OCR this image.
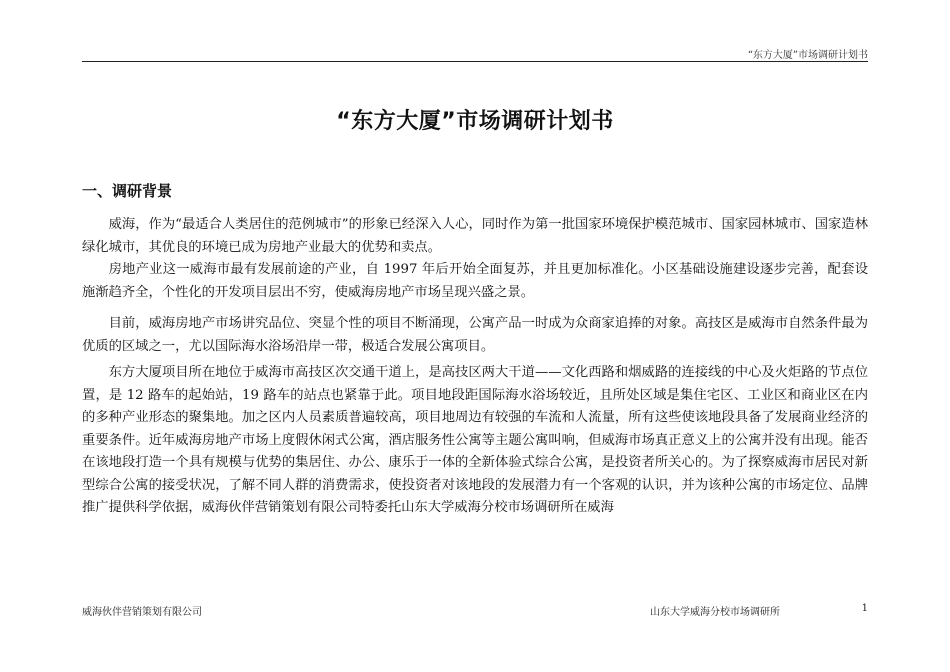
“东方大厦”市场调研计划书
“东方大厦”市场调研计划书
一、调研背景

威海，作为“最适合人类居住的范例城市”的形象已经深入人心，同时作为第一批国家环境保护模范城市、国家园林城市、国家造林绿化城市，其优良的环境已成为房地产业最大的优势和卖点。

房地产业这一威海市最有发展前途的产业，自 1997 年后开始全面复苏，并且更加标准化。小区基础设施建设逐步完善，配套设施渐趋齐全，个性化的开发项目层出不穷，使威海房地产市场呈现兴盛之景。

目前，威海房地产市场讲究品位、突显个性的项目不断涌现，公寓产品一时成为众商家追捧的对象。高技区是威海市自然条件最为优质的区域之一，尤以国际海水浴场沿岸一带，极适合发展公寓项目。

东方大厦项目所在地位于威海市高技区次交通干道上，是高技区两大干道——文化西路和烟威路的连接线的中心及火炬路的节点位置，是 12 路车的起始站，19 路车的站点也紧靠于此。项目地段距国际海水浴场较近，且所处区域是集住宅区、工业区和商业区在内的多种产业形态的聚集地。加之区内人员素质普遍较高，项目地周边有较强的车流和人流量，所有这些使该地段具备了发展商业经济的重要条件。近年威海房地产市场上度假休闲式公寓，酒店服务性公寓等主题公寓叫响，但威海市场真正意义上的公寓并没有出现。能否在该地段打造一个具有规模与优势的集居住、办公、康乐于一体的全新体验式综合公寓，是投资者所关心的。为了探察威海市居民对新型综合公寓的接受状况，了解不同人群的消费需求，使投资者对该地段的发展潜力有一个客观的认识，并为该种公寓的市场定位、品牌推广提供科学依据，威海伙伴营销策划有限公司特委托山东大学威海分校市场调研所在威海

威海伙伴营销策划有限公司	山东大学威海分校市场调研所	1
